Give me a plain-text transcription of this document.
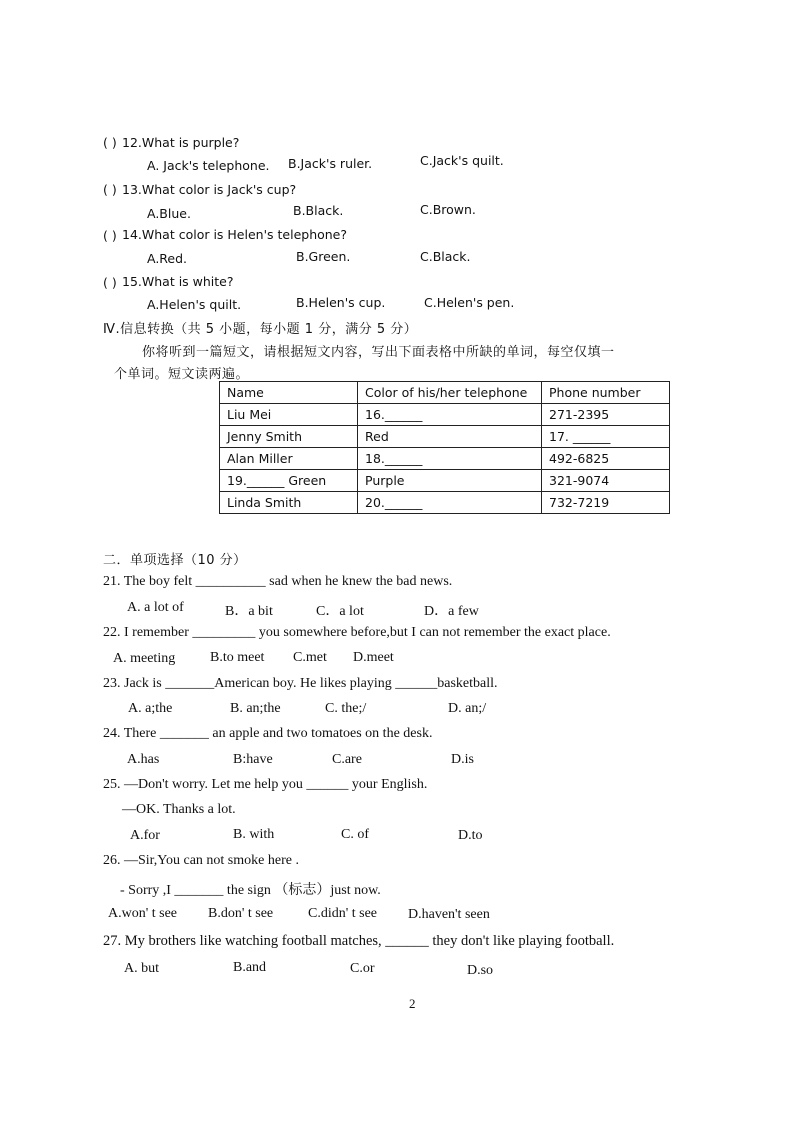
( ) 12.What is purple?
A. Jack's telephone. B.Jack's ruler.	C.Jack's quilt.
( ) 13.What color is Jack's cup?
A.Blue.	B.Black.	C.Brown.
( ) 14.What color is Helen's telephone?
A.Red.	B.Green.	C.Black.
( ) 15.What is white?
A.Helen's quilt.	B.Helen's cup.	C.Helen's pen.
Ⅳ.信息转换（共 5 小题，每小题 1 分，满分 5 分）
你将听到一篇短文，请根据短文内容，写出下面表格中所缺的单词，每空仅填一
个单词。短文读两遍。
Name	Color of his/her telephone	Phone number
Liu Mei	16.______	271-2395
Jenny Smith	Red	17. ______
Alan Miller	18.______	492-6825
19.______ Green	Purple	321-9074
Linda Smith	20.______	732-7219
二．单项选择（10 分）
21. The boy felt __________ sad when he knew the bad news.
A. a lot of	B．a bit	C．a lot	D．a few
22. I remember _________ you somewhere before,but I can not remember the exact place.
A. meeting B.to meet C.met D.meet
23. Jack is _______American boy. He likes playing ______basketball.
A. a;the	B. an;the	C. the;/	D. an;/
24. There _______ an apple and two tomatoes on the desk.
A.has	B:have	C.are	D.is
25. —Don't worry. Let me help you ______ your English.
—OK. Thanks a lot.
A.for	B. with	C. of	D.to
26. —Sir,You can not smoke here .
- Sorry ,I _______ the sign （标志）just now.
A.won' t see B.don' t see C.didn' t see D.haven't seen
27. My brothers like watching football matches, ______ they don't like playing football.
A. but	B.and	C.or	D.so
2
